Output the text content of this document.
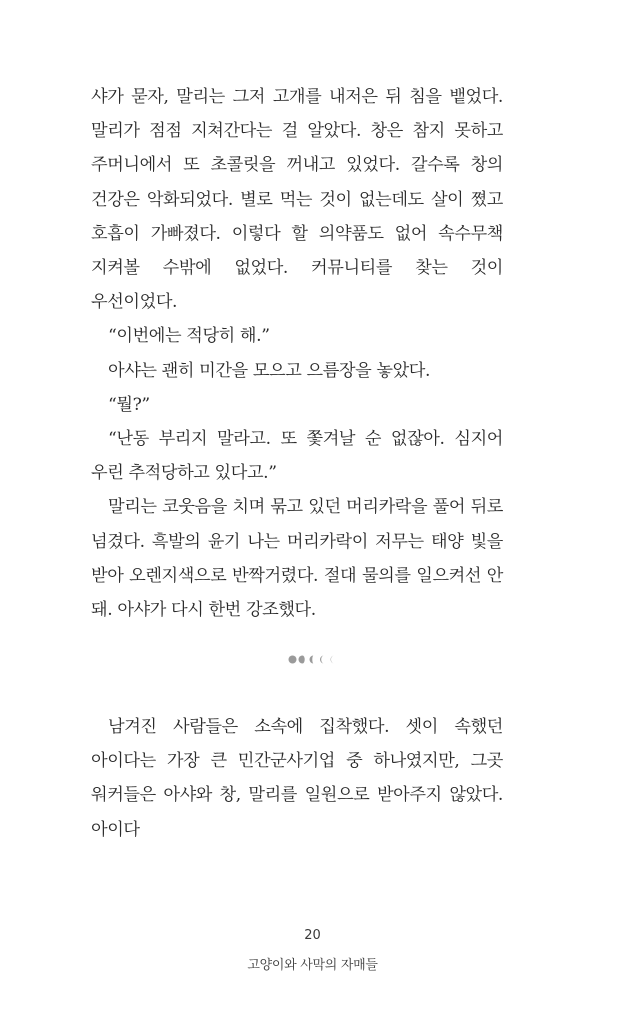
샤가 묻자, 말리는 그저 고개를 내저은 뒤 침을 뱉었다. 말리가 점점 지쳐간다는 걸 알았다. 창은 참지 못하고 주머니에서 또 초콜릿을 꺼내고 있었다. 갈수록 창의 건강은 악화되었다. 별로 먹는 것이 없는데도 살이 쪘고 호흡이 가빠졌다. 이렇다 할 의약품도 없어 속수무책 지켜볼 수밖에 없었다. 커뮤니티를 찾는 것이 우선이었다.

“이번에는 적당히 해.”

아샤는 괜히 미간을 모으고 으름장을 놓았다.

“뭘?”

“난동 부리지 말라고. 또 쫓겨날 순 없잖아. 심지어 우린 추적당하고 있다고.”

말리는 코웃음을 치며 묶고 있던 머리카락을 풀어 뒤로 넘겼다. 흑발의 윤기 나는 머리카락이 저무는 태양 빛을 받아 오렌지색으로 반짝거렸다. 절대 물의를 일으켜선 안 돼. 아샤가 다시 한번 강조했다.

남겨진 사람들은 소속에 집착했다. 셋이 속했던 아이다는 가장 큰 민간군사기업 중 하나였지만, 그곳 워커들은 아샤와 창, 말리를 일원으로 받아주지 않았다. 아이다

20
고양이와 사막의 자매들
